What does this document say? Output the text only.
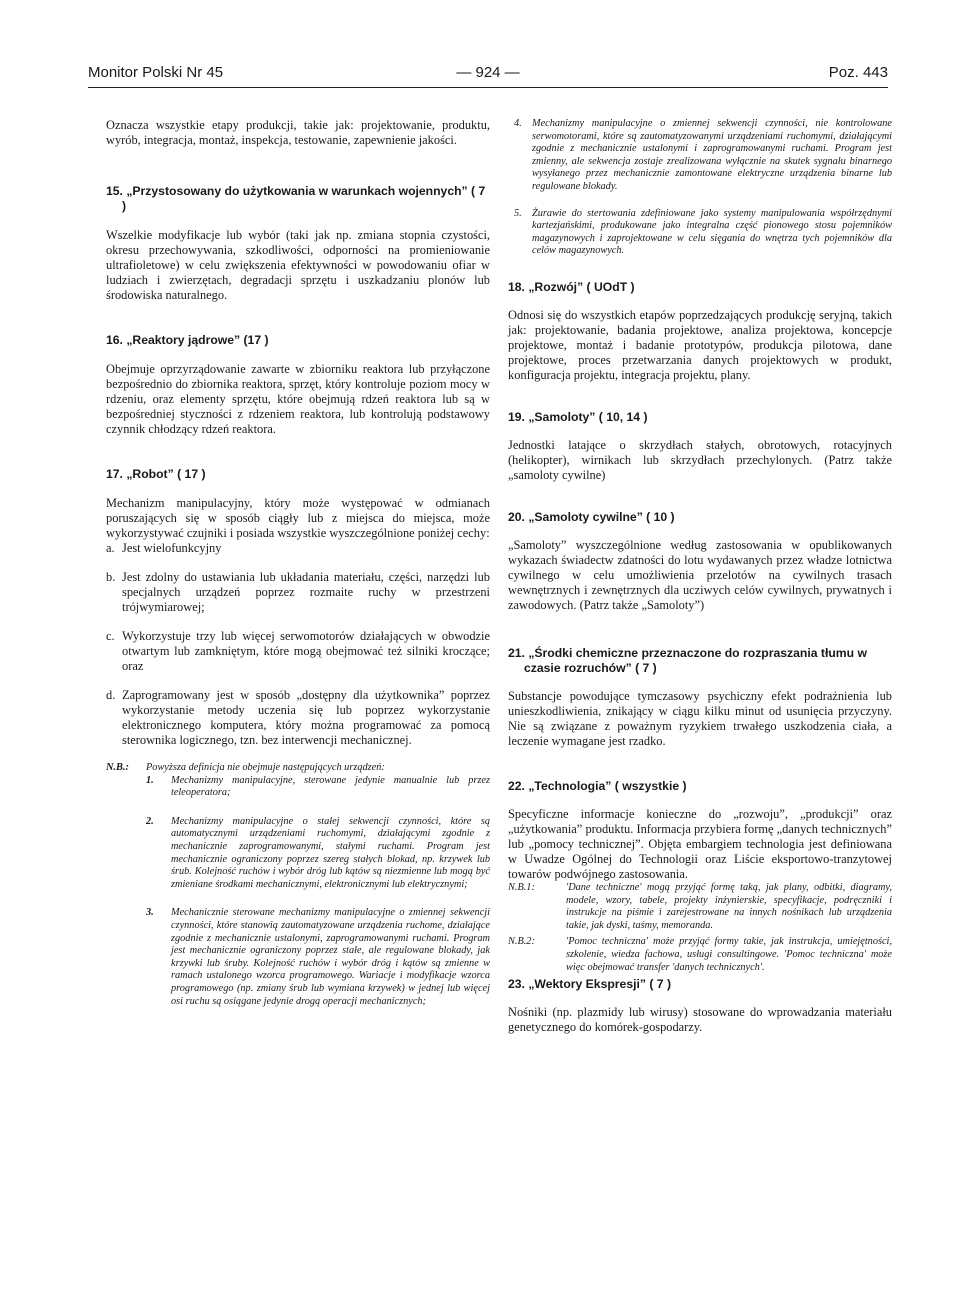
Monitor Polski Nr 45	— 924 —	Poz. 443

Oznacza wszystkie etapy produkcji, takie jak: projektowanie, produktu, wyrób, integracja, montaż, inspekcja, testowanie, zapewnienie jakości.

15. „Przystosowany do użytkowania w warunkach wojennych” ( 7 )

Wszelkie modyfikacje lub wybór (taki jak np. zmiana stopnia czystości, okresu przechowywania, szkodliwości, odporności na promieniowanie ultrafioletowe) w celu zwiększenia efektywności w powodowaniu ofiar w ludziach i zwierzętach, degradacji sprzętu i uszkadzaniu plonów lub środowiska naturalnego.

16. „Reaktory jądrowe” (17 )

Obejmuje oprzyrządowanie zawarte w zbiorniku reaktora lub przyłączone bezpośrednio do zbiornika reaktora, sprzęt, który kontroluje poziom mocy w rdzeniu, oraz elementy sprzętu, które obejmują rdzeń reaktora lub są w bezpośredniej styczności z rdzeniem reaktora, lub kontrolują podstawowy czynnik chłodzący rdzeń reaktora.

17. „Robot” ( 17 )

Mechanizm manipulacyjny, który może występować w odmianach poruszających się w sposób ciągły lub z miejsca do miejsca, może wykorzystywać czujniki i posiada wszystkie wyszczególnione poniżej cechy:

a. Jest wielofunkcyjny
b. Jest zdolny do ustawiania lub układania materiału, części, narzędzi lub specjalnych urządzeń poprzez rozmaite ruchy w przestrzeni trójwymiarowej;
c. Wykorzystuje trzy lub więcej serwomotorów działających w obwodzie otwartym lub zamkniętym, które mogą obejmować też silniki kroczące; oraz
d. Zaprogramowany jest w sposób „dostępny dla użytkownika” poprzez wykorzystanie metody uczenia się lub poprzez wykorzystanie elektronicznego komputera, który można programować za pomocą sterownika logicznego, tzn. bez interwencji mechanicznej.
N.B.: Powyższa definicja nie obejmuje następujących urządzeń:
1. Mechanizmy manipulacyjne, sterowane jedynie manualnie lub przez teleoperatora;
2. Mechanizmy manipulacyjne o stałej sekwencji czynności, które są automatycznymi urządzeniami ruchomymi, działającymi zgodnie z mechanicznie zaprogramowanymi, stałymi ruchami. Program jest mechanicznie ograniczony poprzez szereg stałych blokad, np. krzywek lub śrub. Kolejność ruchów i wybór dróg lub kątów są niezmienne lub mogą być zmieniane środkami mechanicznymi, elektronicznymi lub elektrycznymi;
3. Mechanicznie sterowane mechanizmy manipulacyjne o zmiennej sekwencji czynności, które stanowią zautomatyzowane urządzenia ruchome, działające zgodnie z mechanicznie ustalonymi, zaprogramowanymi ruchami. Program jest mechanicznie ograniczony poprzez stałe, ale regulowane blokady, jak krzywki lub śruby. Kolejność ruchów i wybór dróg i kątów są zmienne w ramach ustalonego wzorca programowego. Wariacje i modyfikacje wzorca programowego (np. zmiany śrub lub wymiana krzywek) w jednej lub więcej osi ruchu są osiągane jedynie drogą operacji mechanicznych;
4. Mechanizmy manipulacyjne o zmiennej sekwencji czynności, nie kontrolowane serwomotorami, które są zautomatyzowanymi urządzeniami ruchomymi, działającymi zgodnie z mechanicznie ustalonymi i zaprogramowanymi ruchami. Program jest zmienny, ale sekwencja zostaje zrealizowana wyłącznie na skutek sygnału binarnego wysyłanego przez mechanicznie zamontowane elektryczne urządzenia binarne lub regulowane blokady.
5. Żurawie do stertowania zdefiniowane jako systemy manipulowania współrzędnymi kartezjańskimi, produkowane jako integralna część pionowego stosu pojemników magazynowych i zaprojektowane w celu sięgania do wnętrza tych pojemników dla celów magazynowych.

18. „Rozwój” ( UOdT )

Odnosi się do wszystkich etapów poprzedzających produkcję seryjną, takich jak: projektowanie, badania projektowe, analiza projektowa, koncepcje projektowe, montaż i badanie prototypów, produkcja pilotowa, dane projektowe, proces przetwarzania danych projektowych w produkt, konfiguracja projektu, integracja projektu, plany.

19. „Samoloty” ( 10, 14 )

Jednostki latające o skrzydłach stałych, obrotowych, rotacyjnych (helikopter), wirnikach lub skrzydłach przechylonych. (Patrz także „samoloty cywilne)

20. „Samoloty cywilne” ( 10 )

„Samoloty” wyszczególnione według zastosowania w opublikowanych wykazach świadectw zdatności do lotu wydawanych przez władze lotnictwa cywilnego w celu umożliwienia przelotów na cywilnych trasach wewnętrznych i zewnętrznych dla ucziwych celów cywilnych, prywatnych i zawodowych. (Patrz także „Samoloty”)

21. „Środki chemiczne przeznaczone do rozpraszania tłumu w czasie rozruchów” ( 7 )

Substancje powodujące tymczasowy psychiczny efekt podrażnienia lub unieszkodliwienia, znikający w ciągu kilku minut od usunięcia przyczyny. Nie są związane z poważnym ryzykiem trwałego uszkodzenia ciała, a leczenie wymagane jest rzadko.

22. „Technologia” ( wszystkie )

Specyficzne informacje konieczne do „rozwoju”, „produkcji” oraz „użytkowania” produktu. Informacja przybiera formę „danych technicznych” lub „pomocy technicznej”. Objęta embargiem technologia jest definiowana w Uwadze Ogólnej do Technologii oraz Liście eksportowo-tranzytowej towarów podwójnego zastosowania.

N.B.1:	'Dane techniczne' mogą przyjąć formę taką, jak plany, odbitki, diagramy, modele, wzory, tabele, projekty inżynierskie, specyfikacje, podręczniki i instrukcje na piśmie i zarejestrowane na innych nośnikach lub urządzenia takie, jak dyski, taśmy, memoranda.
N.B.2:	'Pomoc techniczna' może przyjąć formy takie, jak instrukcja, umiejętności, szkolenie, wiedza fachowa, usługi consultingowe. 'Pomoc techniczna' może więc obejmować transfer 'danych technicznych'.

23. „Wektory Ekspresji” ( 7 )

Nośniki (np. plazmidy lub wirusy) stosowane do wprowadzania materiału genetycznego do komórek-gospodarzy.
